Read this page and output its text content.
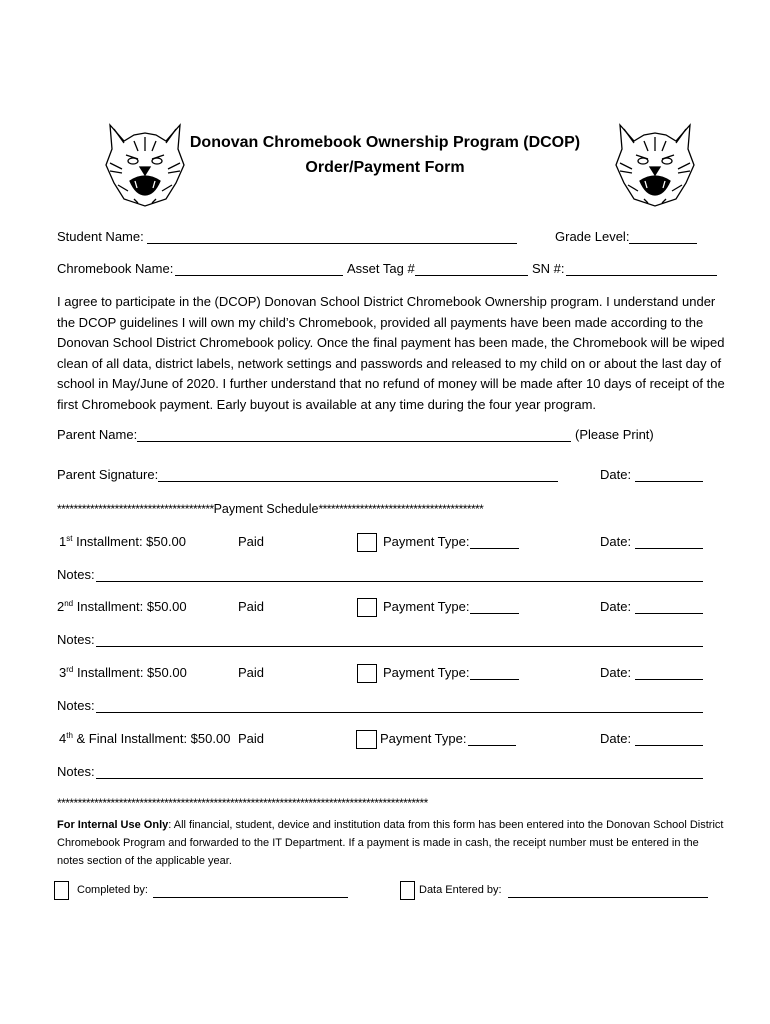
Donovan Chromebook Ownership Program (DCOP)
Order/Payment Form
Student Name:	Grade Level:
Chromebook Name:	Asset Tag #	SN #:
I agree to participate in the (DCOP) Donovan School District Chromebook Ownership program. I understand under the DCOP guidelines I will own my child’s Chromebook, provided all payments have been made according to the Donovan School District Chromebook policy. Once the final payment has been made, the Chromebook will be wiped clean of all data, district labels, network settings and passwords and released to my child on or about the last day of school in May/June of 2020. I further understand that no refund of money will be made after 10 days of receipt of the first Chromebook payment. Early buyout is available at any time during the four year program.
Parent Name:	(Please Print)
Parent Signature:	Date:
**************************************Payment Schedule****************************************
1st Installment: $50.00	Paid	Payment Type:	Date:
Notes:
2nd Installment: $50.00	Paid	Payment Type:	Date:
Notes:
3rd Installment: $50.00	Paid	Payment Type:	Date:
Notes:
4th & Final Installment: $50.00 Paid	Payment Type:	Date:
Notes:
******************************************************************************************
For Internal Use Only: All financial, student, device and institution data from this form has been entered into the Donovan School District Chromebook Program and forwarded to the IT Department. If a payment is made in cash, the receipt number must be entered in the notes section of the applicable year.
Completed by:	Data Entered by:
